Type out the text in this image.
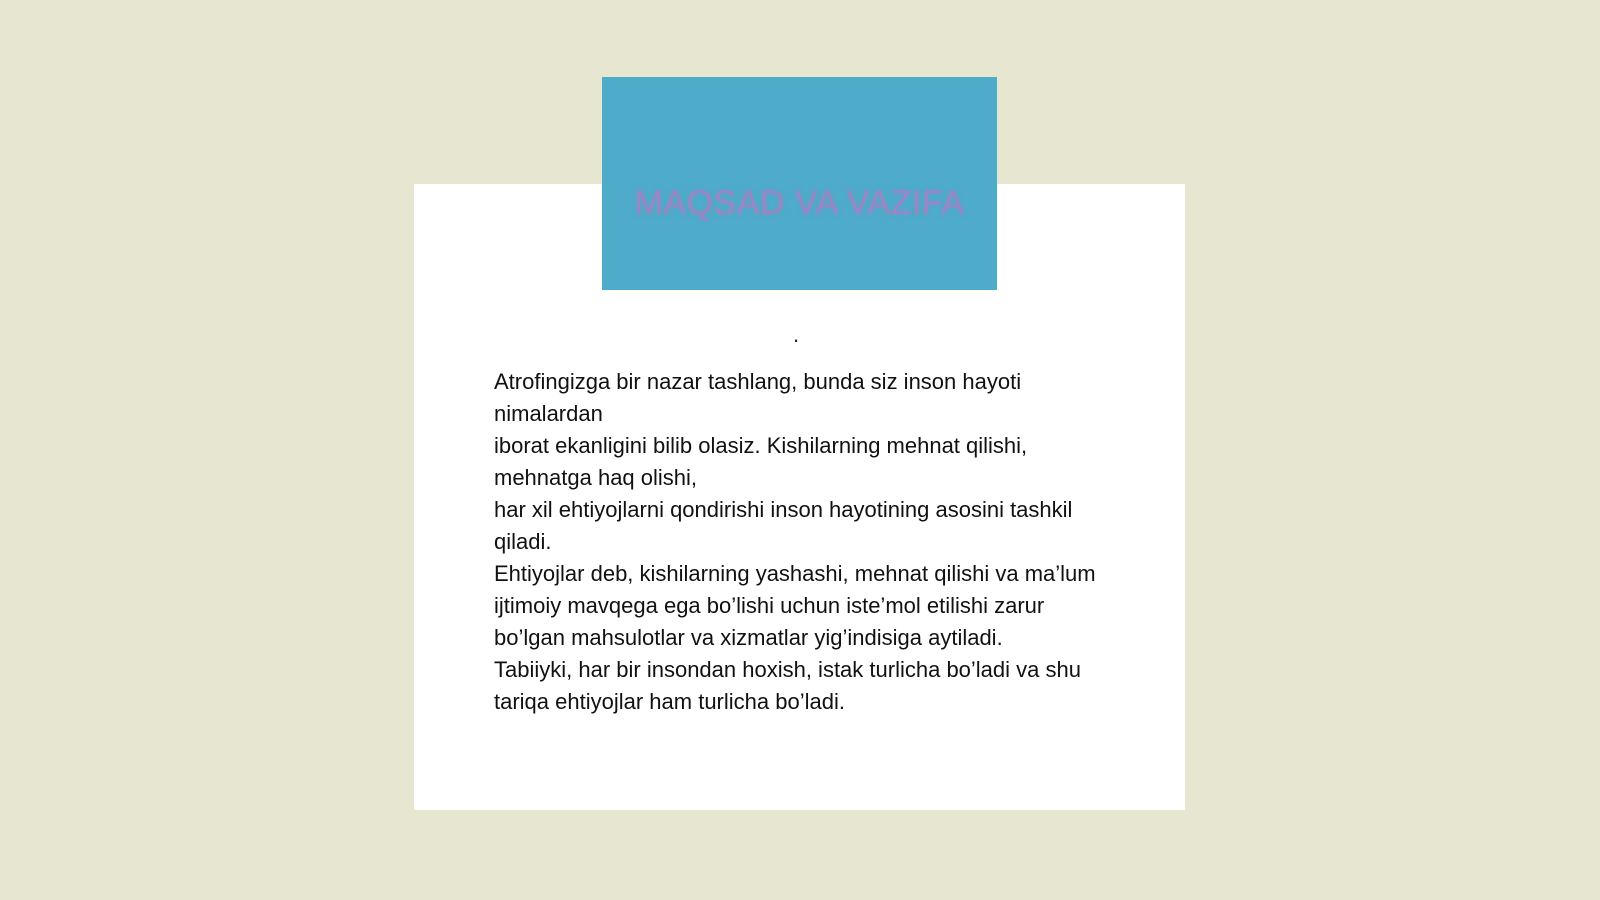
MAQSAD VA VAZIFA
.
Atrofingizga bir nazar tashlang, bunda siz inson hayoti
nimalardan
iborat ekanligini bilib olasiz. Kishilarning mehnat qilishi,
mehnatga haq olishi,
har xil ehtiyojlarni qondirishi inson hayotining asosini tashkil
qiladi.
Ehtiyojlar deb, kishilarning yashashi, mehnat qilishi va ma’lum
ijtimoiy mavqega ega bo’lishi uchun iste’mol etilishi zarur
bo’lgan mahsulotlar va xizmatlar yig’indisiga aytiladi.
Tabiiyki, har bir insondan hoxish, istak turlicha bo’ladi va shu
tariqa ehtiyojlar ham turlicha bo’ladi.
